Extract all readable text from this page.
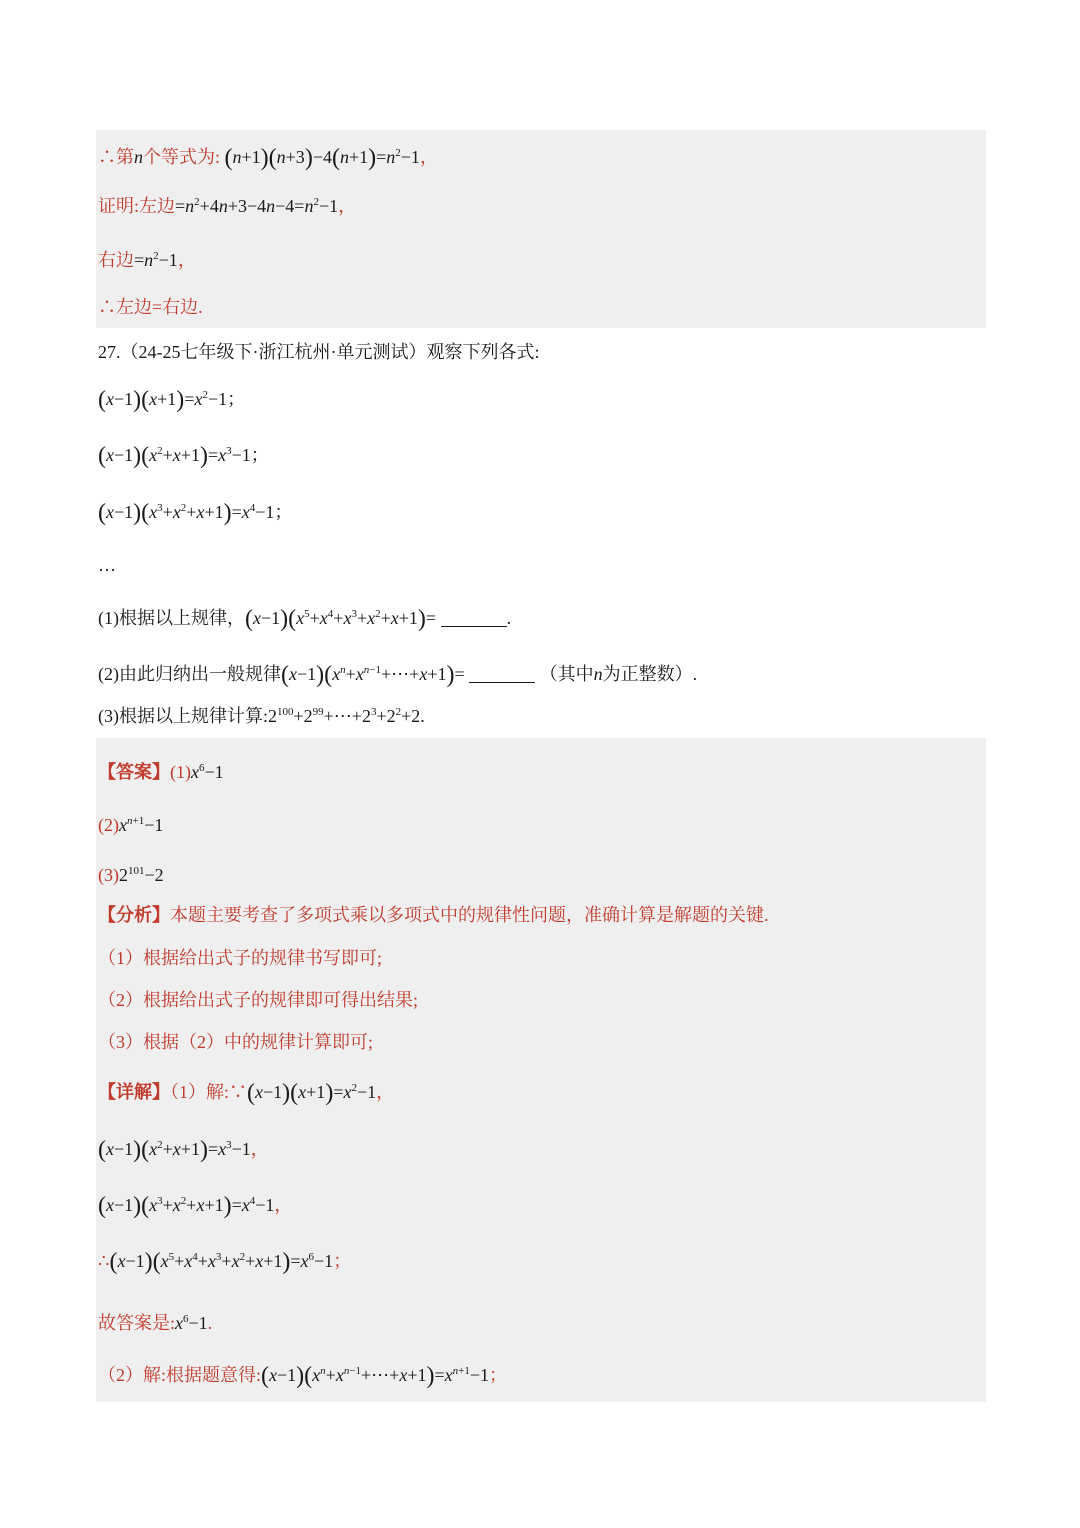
∴第n个等式为: $(n+1)(n+3)-4(n+1)=n^2-1$，
证明:左边$=n^2+4n+3-4n-4=n^2-1$，
右边$=n^2-1$，
∴左边=右边.
27.（24-25七年级下·浙江杭州·单元测试）观察下列各式:
$(x-1)(x+1)=x^2-1$；
$(x-1)(x^2+x+1)=x^3-1$；
$(x-1)(x^3+x^2+x+1)=x^4-1$；
…
(1)根据以上规律，$(x-1)(x^5+x^4+x^3+x^2+x+1)=$	.
(2)由此归纳出一般规律$(x-1)(x^n+x^{n-1}+\cdots+x+1)=$	（其中n为正整数）.
(3)根据以上规律计算$:2^{100}+2^{99}+\cdots+2^3+2^2+2$.
【答案】$(1)x^6-1$
$(2)x^{n+1}-1$
$(3)2^{101}-2$
【分析】本题主要考查了多项式乘以多项式中的规律性问题，准确计算是解题的关键.
（1）根据给出式子的规律书写即可;
（2）根据给出式子的规律即可得出结果;
（3）根据（2）中的规律计算即可;
【详解】（1）解$:\because(x-1)(x+1)=x^2-1$，
$(x-1)(x^2+x+1)=x^3-1$，
$(x-1)(x^3+x^2+x+1)=x^4-1$，
$\therefore(x-1)(x^5+x^4+x^3+x^2+x+1)=x^6-1$；
故答案是$:x^6-1$.
（2）解:根据题意得$:(x-1)(x^n+x^{n-1}+\cdots+x+1)=x^{n+1}-1$；
